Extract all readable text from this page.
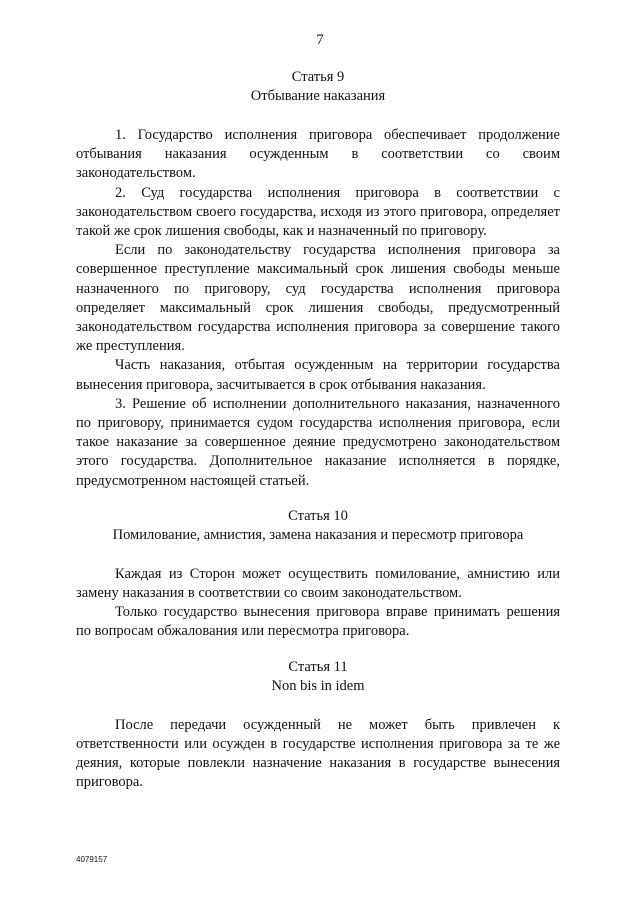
7
Статья 9
Отбывание наказания

1. Государство исполнения приговора обеспечивает продолжение отбывания наказания осужденным в соответствии со своим законодательством.

2. Суд государства исполнения приговора в соответствии с законодательством своего государства, исходя из этого приговора, определяет такой же срок лишения свободы, как и назначенный по приговору.

Если по законодательству государства исполнения приговора за совершенное преступление максимальный срок лишения свободы меньше назначенного по приговору, суд государства исполнения приговора определяет максимальный срок лишения свободы, предусмотренный законодательством государства исполнения приговора за совершение такого же преступления.

Часть наказания, отбытая осужденным на территории государства вынесения приговора, засчитывается в срок отбывания наказания.

3. Решение об исполнении дополнительного наказания, назначенного по приговору, принимается судом государства исполнения приговора, если такое наказание за совершенное деяние предусмотрено законодательством этого государства. Дополнительное наказание исполняется в порядке, предусмотренном настоящей статьей.

Статья 10
Помилование, амнистия, замена наказания и пересмотр приговора

Каждая из Сторон может осуществить помилование, амнистию или замену наказания в соответствии со своим законодательством.

Только государство вынесения приговора вправе принимать решения по вопросам обжалования или пересмотра приговора.

Статья 11
Non bis in idem

После передачи осужденный не может быть привлечен к ответственности или осужден в государстве исполнения приговора за те же деяния, которые повлекли назначение наказания в государстве вынесения приговора.

4079157
